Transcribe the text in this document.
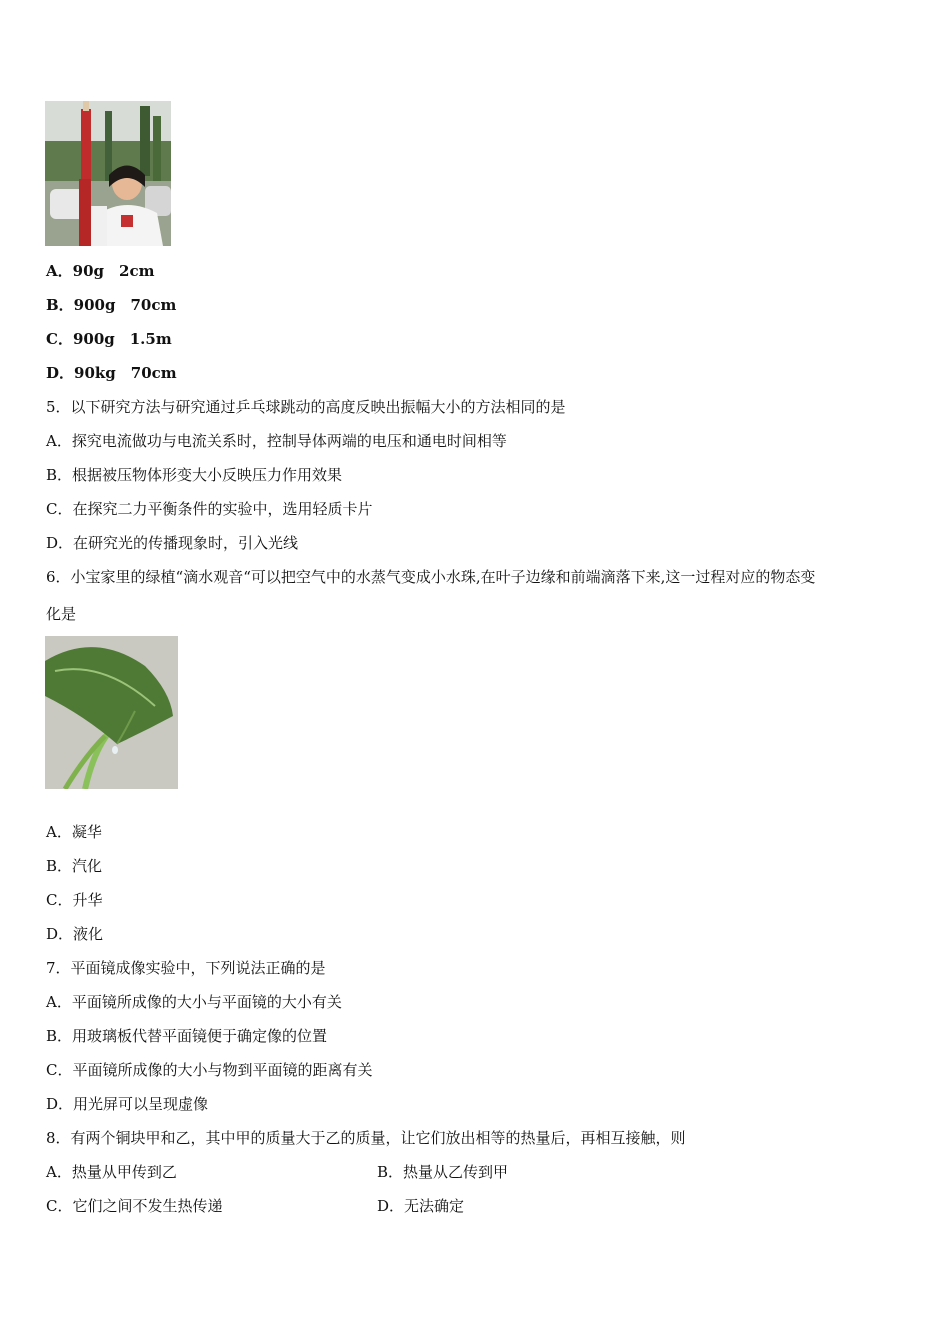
A．90g　2cm
B．900g　70cm
C．900g　1.5m
D．90kg　70cm
5．以下研究方法与研究通过乒乓球跳动的高度反映出振幅大小的方法相同的是
A．探究电流做功与电流关系时，控制导体两端的电压和通电时间相等
B．根据被压物体形变大小反映压力作用效果
C．在探究二力平衡条件的实验中，选用轻质卡片
D．在研究光的传播现象时，引入光线
6．小宝家里的绿植“滴水观音“可以把空气中的水蒸气变成小水珠,在叶子边缘和前端滴落下来,这一过程对应的物态变
化是
A．凝华
B．汽化
C．升华
D．液化
7．平面镜成像实验中，下列说法正确的是
A．平面镜所成像的大小与平面镜的大小有关
B．用玻璃板代替平面镜便于确定像的位置
C．平面镜所成像的大小与物到平面镜的距离有关
D．用光屏可以呈现虚像
8．有两个铜块甲和乙，其中甲的质量大于乙的质量，让它们放出相等的热量后，再相互接触，则
A．热量从甲传到乙	B．热量从乙传到甲
C．它们之间不发生热传递	D．无法确定
